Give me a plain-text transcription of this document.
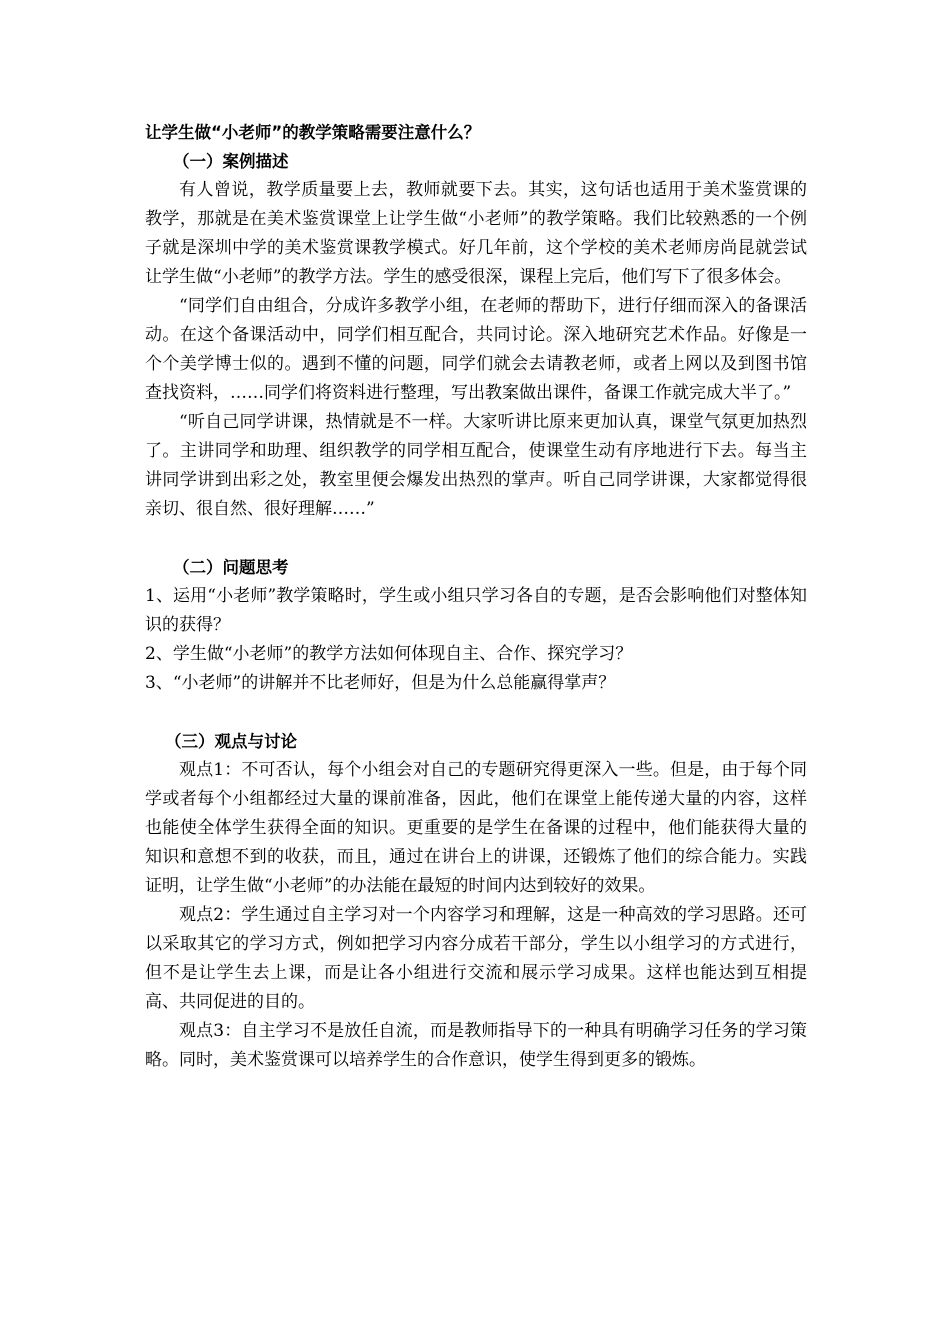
让学生做“小老师”的教学策略需要注意什么？

（一）案例描述

有人曾说，教学质量要上去，教师就要下去。其实，这句话也适用于美术鉴赏课的教学，那就是在美术鉴赏课堂上让学生做“小老师”的教学策略。我们比较熟悉的一个例子就是深圳中学的美术鉴赏课教学模式。好几年前，这个学校的美术老师房尚昆就尝试让学生做“小老师”的教学方法。学生的感受很深，课程上完后，他们写下了很多体会。

“同学们自由组合，分成许多教学小组，在老师的帮助下，进行仔细而深入的备课活动。在这个备课活动中，同学们相互配合，共同讨论。深入地研究艺术作品。好像是一个个美学博士似的。遇到不懂的问题，同学们就会去请教老师，或者上网以及到图书馆查找资料，……同学们将资料进行整理，写出教案做出课件，备课工作就完成大半了。”

“听自己同学讲课，热情就是不一样。大家听讲比原来更加认真，课堂气氛更加热烈了。主讲同学和助理、组织教学的同学相互配合，使课堂生动有序地进行下去。每当主讲同学讲到出彩之处，教室里便会爆发出热烈的掌声。听自己同学讲课，大家都觉得很亲切、很自然、很好理解……”

（二）问题思考

1、运用“小老师”教学策略时，学生或小组只学习各自的专题，是否会影响他们对整体知识的获得？

2、学生做“小老师”的教学方法如何体现自主、合作、探究学习？

3、“小老师”的讲解并不比老师好，但是为什么总能赢得掌声？

（三）观点与讨论

观点1：不可否认，每个小组会对自己的专题研究得更深入一些。但是，由于每个同学或者每个小组都经过大量的课前准备，因此，他们在课堂上能传递大量的内容，这样也能使全体学生获得全面的知识。更重要的是学生在备课的过程中，他们能获得大量的知识和意想不到的收获，而且，通过在讲台上的讲课，还锻炼了他们的综合能力。实践证明，让学生做“小老师”的办法能在最短的时间内达到较好的效果。

观点2：学生通过自主学习对一个内容学习和理解，这是一种高效的学习思路。还可以采取其它的学习方式，例如把学习内容分成若干部分，学生以小组学习的方式进行，但不是让学生去上课，而是让各小组进行交流和展示学习成果。这样也能达到互相提高、共同促进的目的。

观点3：自主学习不是放任自流，而是教师指导下的一种具有明确学习任务的学习策略。同时，美术鉴赏课可以培养学生的合作意识，使学生得到更多的锻炼。
